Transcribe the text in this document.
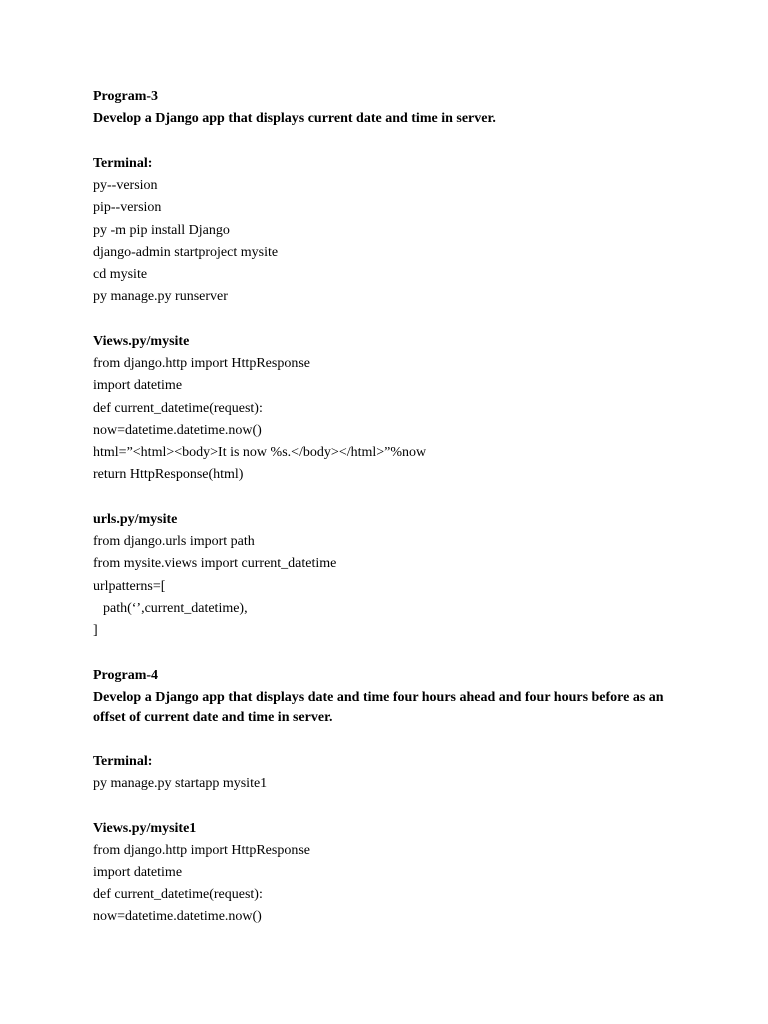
Program-3
Develop a Django app that displays current date and time in server.
Terminal:
py--version
pip--version
py -m pip install Django
django-admin startproject mysite
cd mysite
py manage.py runserver
Views.py/mysite
from django.http import HttpResponse
import datetime
def current_datetime(request):
now=datetime.datetime.now()
html=”<html><body>It is now %s.</body></html>”%now
return HttpResponse(html)
urls.py/mysite
from django.urls import path
from mysite.views import current_datetime
urlpatterns=[
path(‘’,current_datetime),
]
Program-4
Develop a Django app that displays date and time four hours ahead and four hours before as an offset of current date and time in server.
Terminal:
py manage.py startapp mysite1
Views.py/mysite1
from django.http import HttpResponse
import datetime
def current_datetime(request):
now=datetime.datetime.now()
